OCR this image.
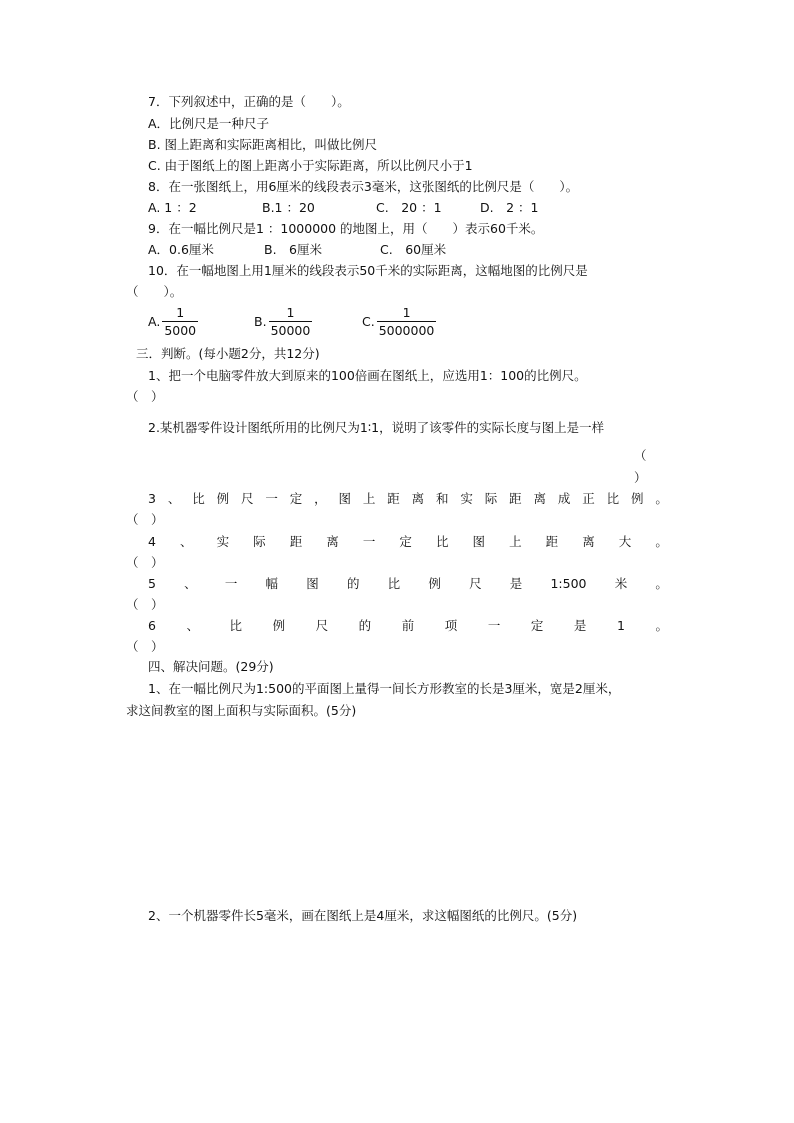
7．下列叙述中，正确的是（　　）。
A．比例尺是一种尺子
B. 图上距离和实际距离相比，叫做比例尺
C. 由于图纸上的图上距离小于实际距离，所以比例尺小于1
8．在一张图纸上，用6厘米的线段表示3毫米，这张图纸的比例尺是（　　）。
A. 1 ：2	B.1 ：20	C.　20 ：1	D.　2 ：1
9．在一幅比例尺是1 ：1000000 的地图上，用（　　）表示60千米。
A．0.6厘米	B.　6厘米	C.　60厘米
10．在一幅地图上用1厘米的线段表示50千米的实际距离，这幅地图的比例尺是
（　　）。
A. $\frac{1}{5000}$	B. $\frac{1}{50000}$	C. $\frac{1}{5000000}$
三．判断。(每小题2分，共12分)
1、把一个电脑零件放大到原来的100倍画在图纸上，应选用1：100的比例尺。
（　）
2.某机器零件设计图纸所用的比例尺为1∶1，说明了该零件的实际长度与图上是一样
（
）
3 、 比 例 尺 一 定 ， 图 上 距 离 和 实 际 距 离 成 正 比 例 。
（　）
4 、 实 际 距 离 一 定 比 图 上 距 离 大 。
（　）
5 、 一 幅 图 的 比 例 尺 是 1:500 米 。
（　）
6 、 比 例 尺 的 前 项 一 定 是 1 。
（　）
四、解决问题。(29分)
1、在一幅比例尺为1:500的平面图上量得一间长方形教室的长是3厘米，宽是2厘米，
求这间教室的图上面积与实际面积。(5分)
2、一个机器零件长5毫米，画在图纸上是4厘米，求这幅图纸的比例尺。(5分)
